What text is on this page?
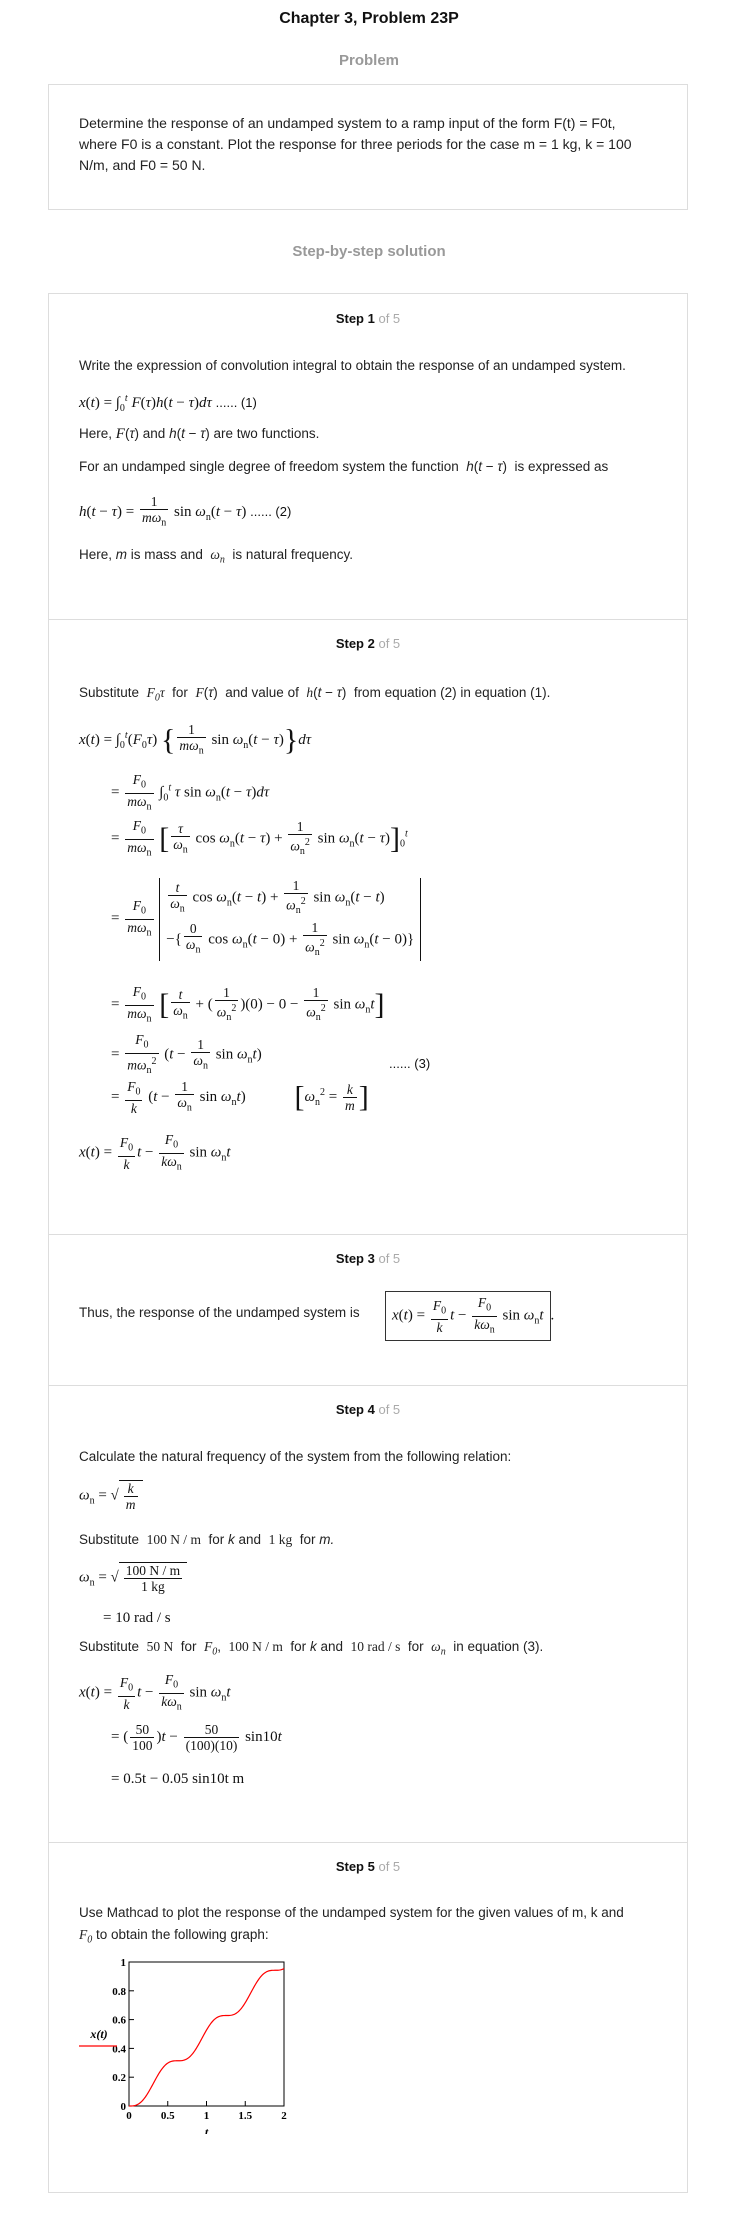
Chapter 3, Problem 23P
Problem
Determine the response of an undamped system to a ramp input of the form F(t) = F0t,
where F0 is a constant. Plot the response for three periods for the case m = 1 kg, k = 100
N/m, and F0 = 50 N.
Step-by-step solution
Step 1 of 5
Write the expression of convolution integral to obtain the response of an undamped system.
$x(t) = \int_0^t$ F(τ)h(t − τ)dτ ...... (1)
Here, F(τ) and h(t − τ) are two functions.
For an undamped single degree of freedom system the function h(t − τ)  is expressed as
$h(t - \tau) = \frac{1}{m\omega_n}$ $\sin \omega_n(t - \tau)$ ...... (2)
Here, m is mass and $\omega_n$ is natural frequency.
Step 2 of 5
Substitute $F_0\tau$ for F(τ)  and value of h(t − τ)  from equation (2) in equation (1).
$x(t) = \int_0^t(F_0\tau)$ { $\frac{1}{m\omega_n}$ $\sin \omega_n(t - \tau)\}d\tau$
= $\frac{F_0}{m\omega_n} \int_0^t$ τ $\sin \omega_n(t - \tau)d\tau$
= $\frac{F_0}{m\omega_n}$ [ $\frac{\tau}{\omega_n}$ $\cos \omega_n(t - \tau) + \frac{1}{\omega_n^2}$ $\sin \omega_n(t - \tau)]_0^t$
= $\frac{F_0}{m\omega_n}$

$\frac{t}{\omega_n}$ $\cos \omega_n(t - t) + \frac{1}{\omega_n^2}$ $\sin \omega_n(t - t)$
−{ $\frac{0}{\omega_n}$ $\cos \omega_n(t - 0) + \frac{1}{\omega_n^2}$ $\sin \omega_n(t - 0)$}
= $\frac{F_0}{m\omega_n}$ [ $\frac{t}{\omega_n}$ + ( $\frac{1}{\omega_n^2} )(0) - 0 - \frac{1}{\omega_n^2}$ $\sin \omega_nt$]
= $\frac{F_0}{m\omega_n^2} (t - \frac{1}{\omega_n}$ $\sin \omega_nt$)
...... (3)
= $\frac{F_0}{k} (t - \frac{1}{\omega_n}$ $\sin \omega_nt$)             [$\omega_n^2 = \frac{k}{m}$ ]
$x(t) = \frac{F_0}{k}$ $t - \frac{F_0}{k\omega_n}$ $\sin \omega_nt$
Step 3 of 5
Thus, the response of the undamped system is	$x(t) = \frac{F_0}{k}$ $t - \frac{F_0}{k\omega_n}$ $\sin \omega_nt$ .
Step 4 of 5
Calculate the natural frequency of the system from the following relation:
$\omega_n$ = √ $\frac{k}{m}$
Substitute 100 N / m for k and 1 kg for m.
$\omega_n$ = √ $\frac{100 N / m}{1 kg}$
= 10 rad / s
Substitute 50 N for $F_0$,  100 N / m for k and 10 rad / s for $\omega_n$ in equation (3).
$x(t) = \frac{F_0}{k}$ $t - \frac{F_0}{k\omega_n}$ $\sin \omega_nt$
= ( $\frac{50}{100} )t - \frac{50}{(100)(10)} \sin 10t$
= 0.5t − 0.05 sin10t m
Step 5 of 5
Use Mathcad to plot the response of the undamped system for the given values of m, k and
$F_0$ to obtain the following graph:
0
0.2
0.4
0.6
0.8
1
0	0.5	1	1.5	2
t
x(t)
